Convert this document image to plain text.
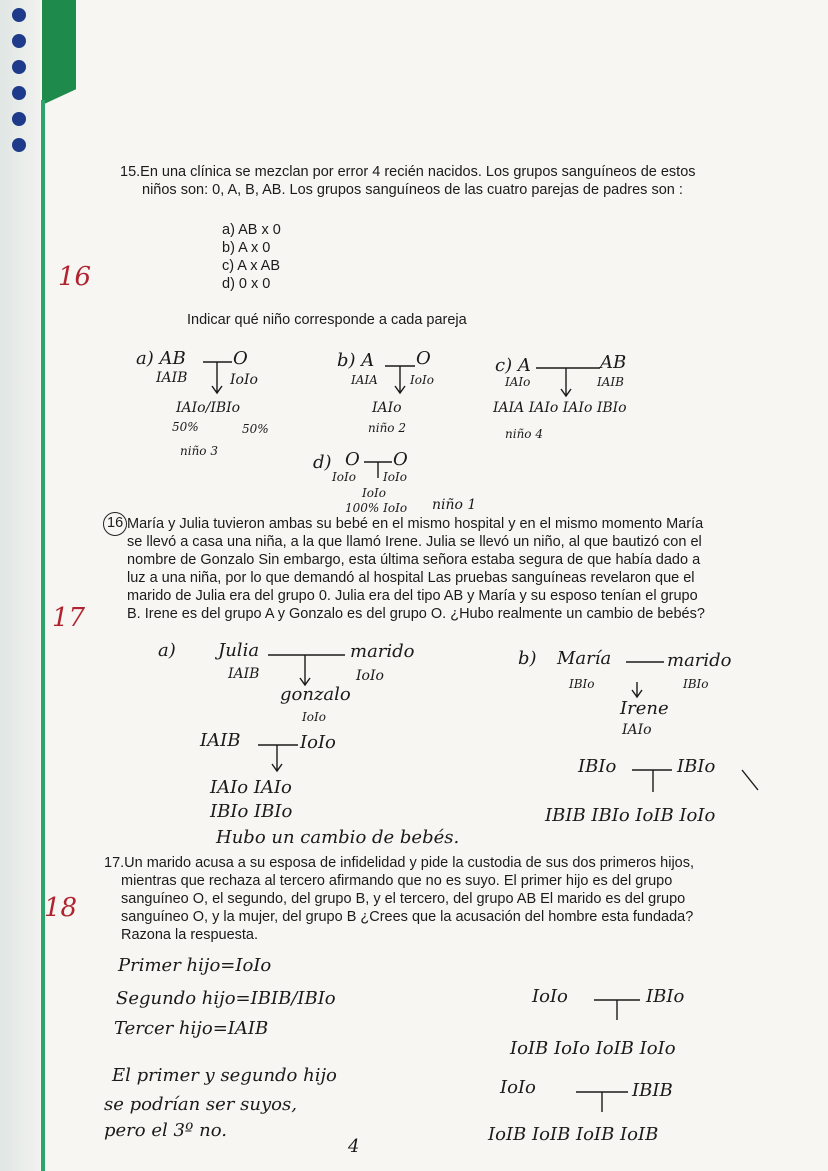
16
17
18
15.En una clínica se mezclan por error 4 recién nacidos. Los grupos sanguíneos de estos
niños son: 0, A, B, AB. Los grupos sanguíneos de las cuatro parejas de padres son :
a) AB x 0
b) A x 0
c) A x AB
d) 0 x 0
Indicar qué niño corresponde a cada pareja
a) AB	O
IAIB	IoIo
IAIo/IBIo
50%	50%
niño 3
b) A O
IAIA	IoIo
IAIo
niño 2
c) A	AB
IAIo	IAIB
IAIA IAIo IAIo IBIo
niño 4
d) O O
IoIo IoIo
IoIo
100% IoIo niño 1
16 María y Julia tuvieron ambas su bebé en el mismo hospital y en el mismo momento María
se llevó a casa una niña, a la que llamó Irene. Julia se llevó un niño, al que bautizó con el
nombre de Gonzalo Sin embargo, esta última señora estaba segura de que había dado a
luz a una niña, por lo que demandó al hospital Las pruebas sanguíneas revelaron que el
marido de Julia era del grupo 0. Julia era del tipo AB y María y su esposo tenían el grupo
B. Irene es del grupo A y Gonzalo es del grupo O. ¿Hubo realmente un cambio de bebés?
a) Julia	marido
IAIB	IoIo
gonzalo
IoIo
IAIB	IoIo
IAIo IAIo
IBIo IBIo
Hubo un cambio de bebés.
b) María	marido
IBIo	IBIo
Irene
IAIo
IBIo	IBIo
IBIB IBIo IoIB IoIo
17.Un marido acusa a su esposa de infidelidad y pide la custodia de sus dos primeros hijos,
mientras que rechaza al tercero afirmando que no es suyo. El primer hijo es del grupo
sanguíneo O, el segundo, del grupo B, y el tercero, del grupo AB El marido es del grupo
sanguíneo O, y la mujer, del grupo B ¿Crees que la acusación del hombre esta fundada?
Razona la respuesta.
Primer hijo=IoIo
Segundo hijo=IBIB/IBIo
Tercer hijo=IAIB
El primer y segundo hijo
se podrían ser suyos,
pero el 3º no.
4
IoIo	IBIo
IoIB IoIo IoIB IoIo
IoIo	IBIB
IoIB IoIB IoIB IoIB
